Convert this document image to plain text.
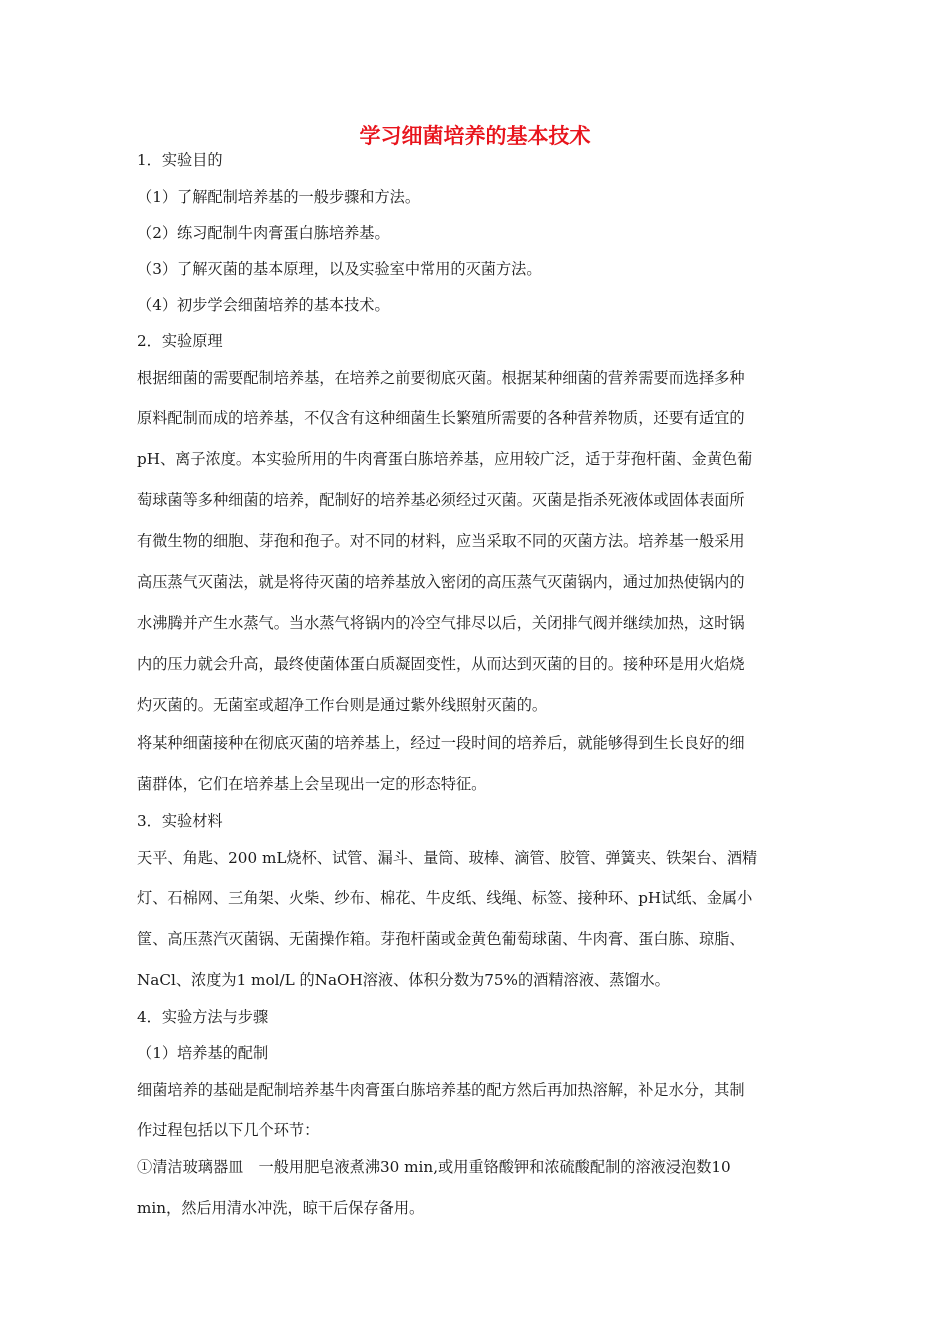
学习细菌培养的基本技术
1．实验目的
（1）了解配制培养基的一般步骤和方法。
（2）练习配制牛肉膏蛋白胨培养基。
（3）了解灭菌的基本原理，以及实验室中常用的灭菌方法。
（4）初步学会细菌培养的基本技术。
2．实验原理
根据细菌的需要配制培养基，在培养之前要彻底灭菌。根据某种细菌的营养需要而选择多种
原料配制而成的培养基，不仅含有这种细菌生长繁殖所需要的各种营养物质，还要有适宜的
pH、离子浓度。本实验所用的牛肉膏蛋白胨培养基，应用较广泛，适于芽孢杆菌、金黄色葡
萄球菌等多种细菌的培养，配制好的培养基必须经过灭菌。灭菌是指杀死液体或固体表面所
有微生物的细胞、芽孢和孢子。对不同的材料，应当采取不同的灭菌方法。培养基一般采用
高压蒸气灭菌法，就是将待灭菌的培养基放入密闭的高压蒸气灭菌锅内，通过加热使锅内的
水沸腾并产生水蒸气。当水蒸气将锅内的冷空气排尽以后，关闭排气阀并继续加热，这时锅
内的压力就会升高，最终使菌体蛋白质凝固变性，从而达到灭菌的目的。接种环是用火焰烧
灼灭菌的。无菌室或超净工作台则是通过紫外线照射灭菌的。
将某种细菌接种在彻底灭菌的培养基上，经过一段时间的培养后，就能够得到生长良好的细
菌群体，它们在培养基上会呈现出一定的形态特征。
3．实验材料
天平、角匙、200 mL烧杯、试管、漏斗、量筒、玻棒、滴管、胶管、弹簧夹、铁架台、酒精
灯、石棉网、三角架、火柴、纱布、棉花、牛皮纸、线绳、标签、接种环、pH试纸、金属小
筐、高压蒸汽灭菌锅、无菌操作箱。芽孢杆菌或金黄色葡萄球菌、牛肉膏、蛋白胨、琼脂、
NaCl、浓度为1 mol/L 的NaOH溶液、体积分数为75%的酒精溶液、蒸馏水。
4．实验方法与步骤
（1）培养基的配制
细菌培养的基础是配制培养基牛肉膏蛋白胨培养基的配方然后再加热溶解，补足水分，其制
作过程包括以下几个环节：
①清洁玻璃器皿　一般用肥皂液煮沸30 min,或用重铬酸钾和浓硫酸配制的溶液浸泡数10
min，然后用清水冲洗，晾干后保存备用。
